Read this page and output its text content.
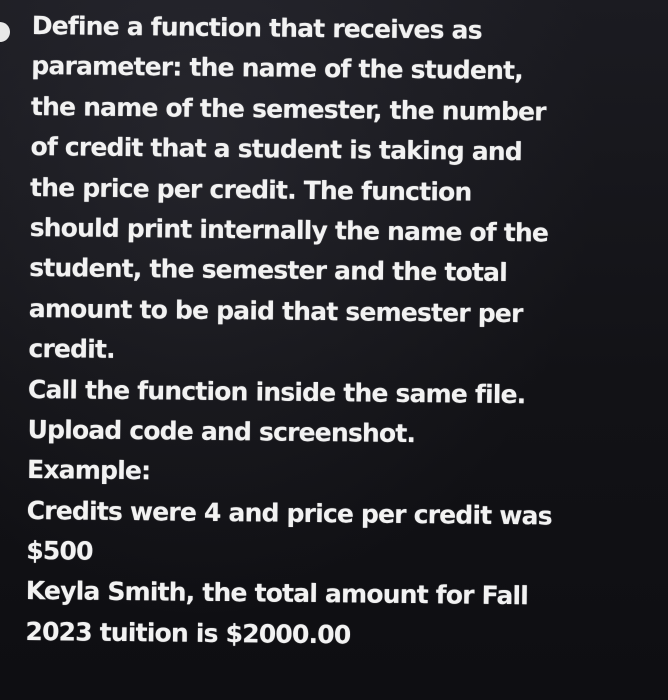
Define a function that receives as
parameter: the name of the student,
the name of the semester, the number
of credit that a student is taking and
the price per credit. The function
should print internally the name of the
student, the semester and the total
amount to be paid that semester per
credit.
Call the function inside the same file.
Upload code and screenshot.
Example:
Credits were 4 and price per credit was
$500
Keyla Smith, the total amount for Fall
2023 tuition is $2000.00
